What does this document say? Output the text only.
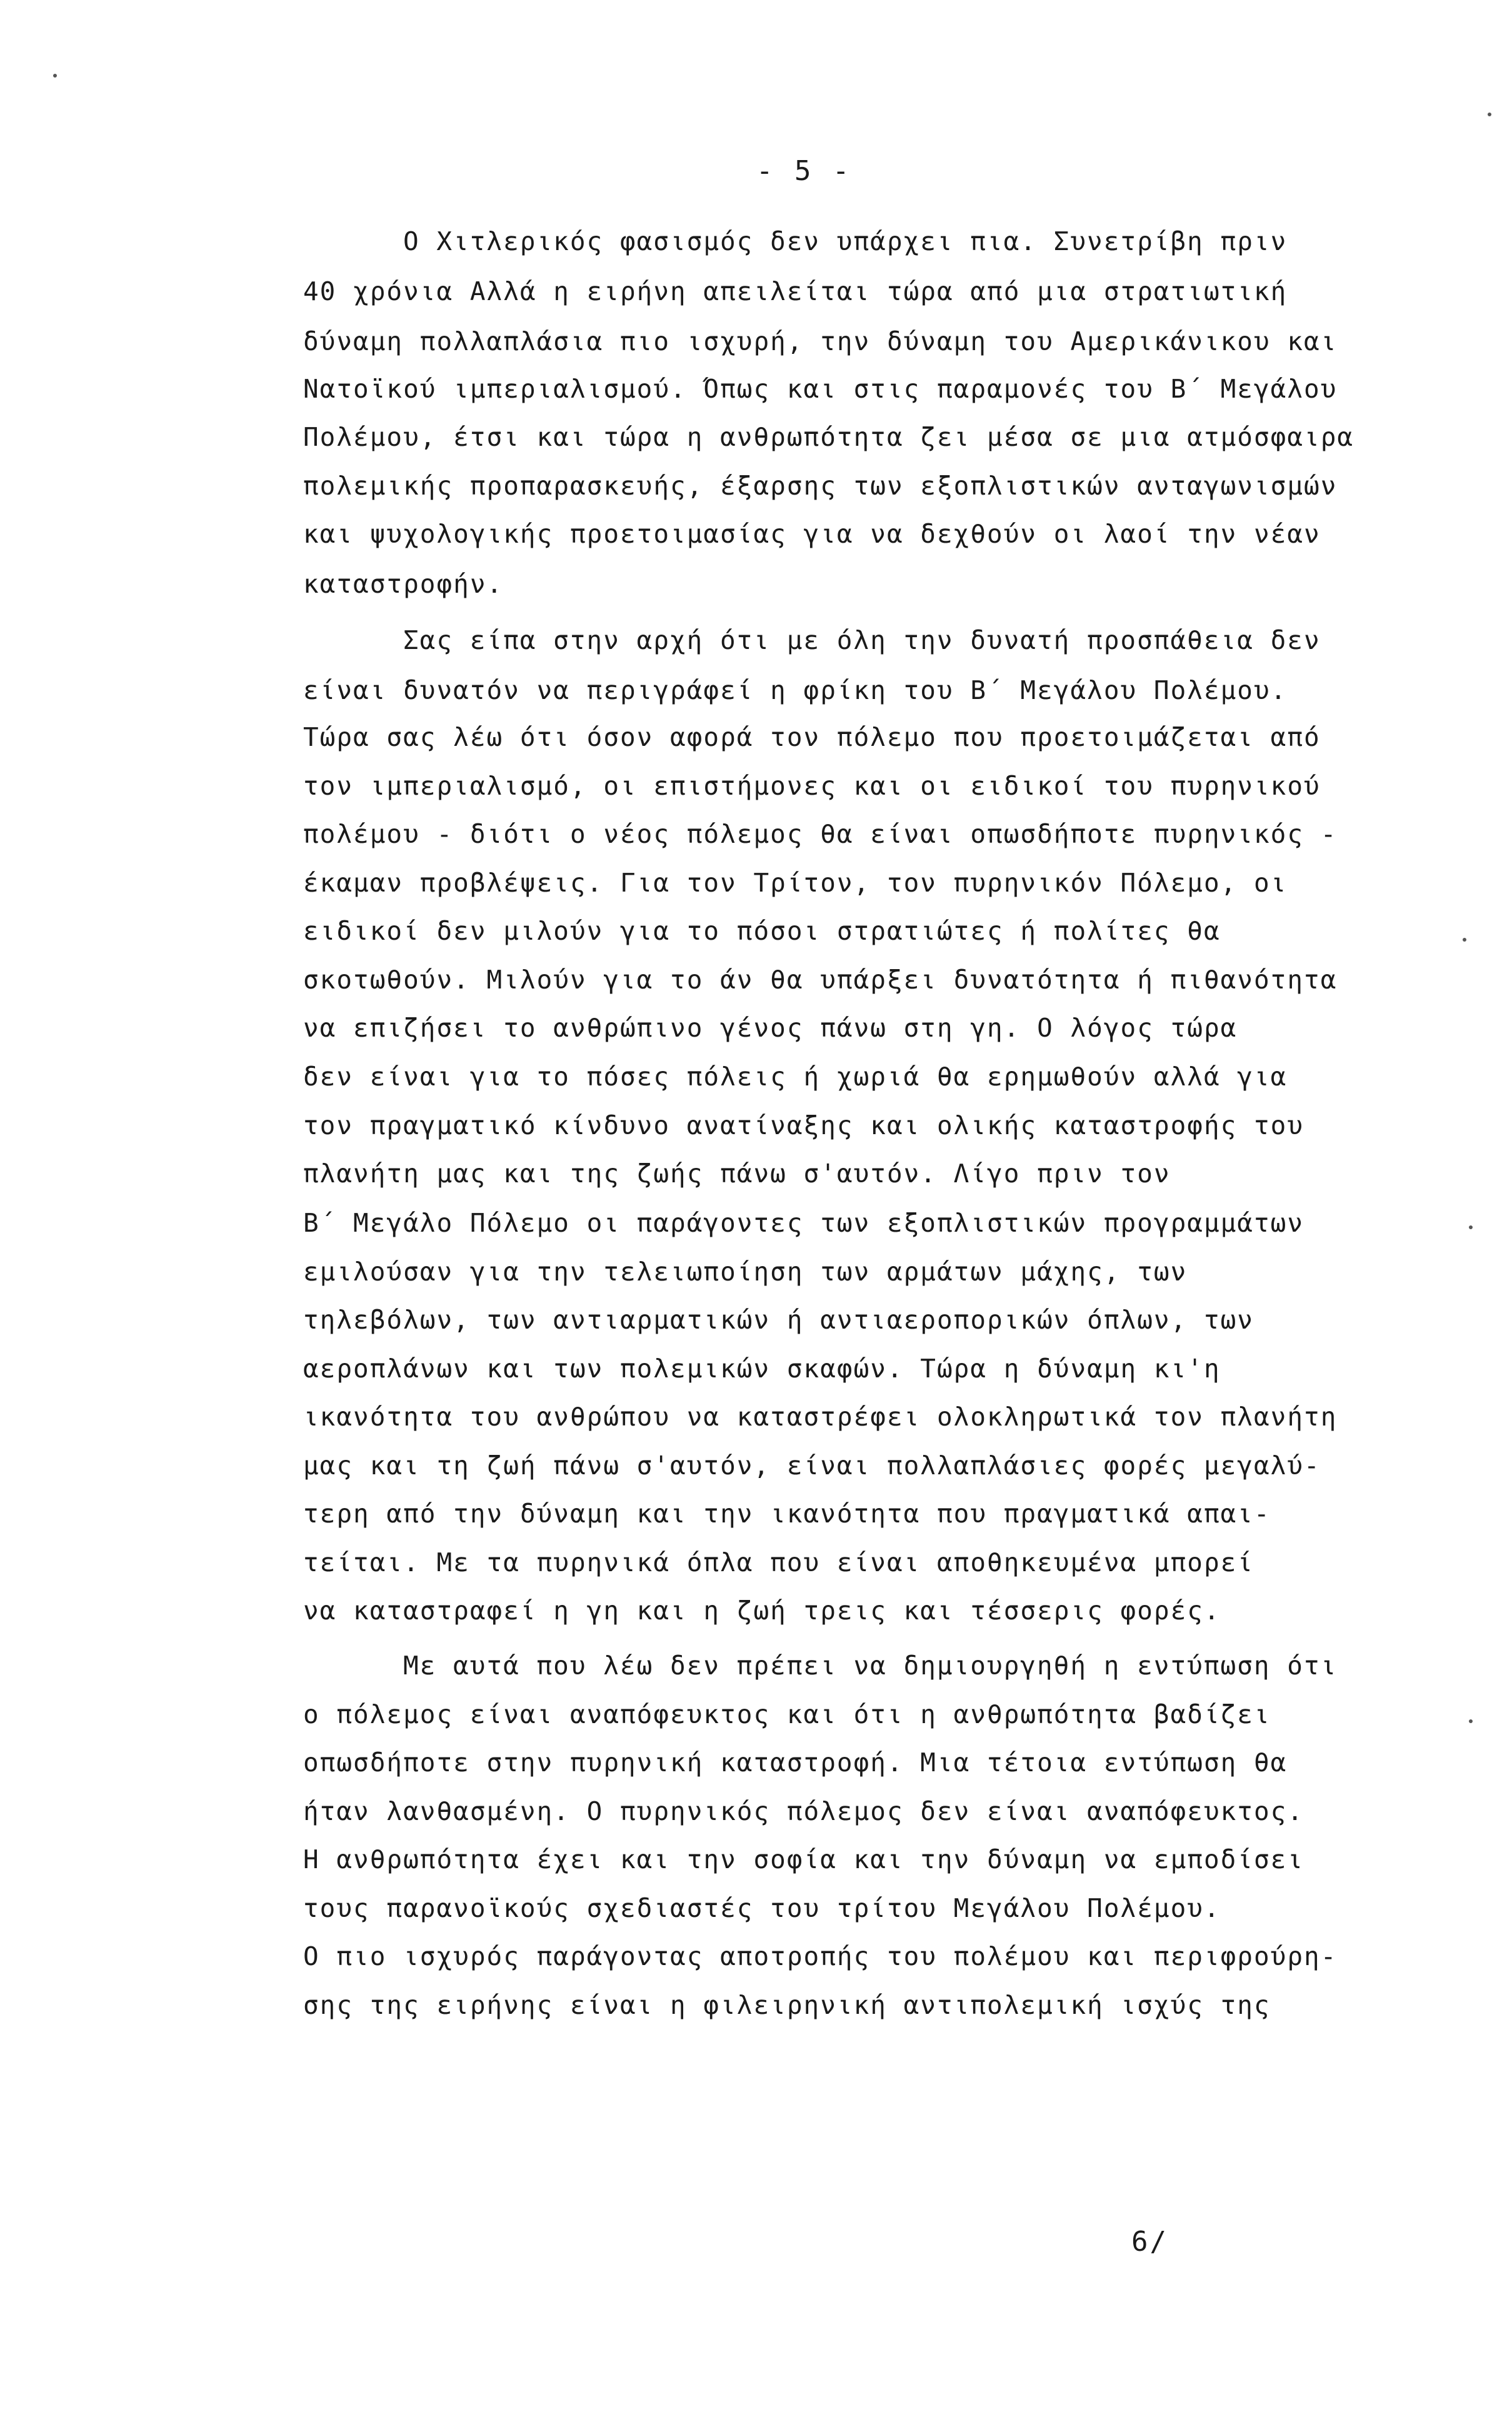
- 5 -
Ο Χιτλερικός φασισμός δεν υπάρχει πια. Συνετρίβη πριν
40 χρόνια Αλλά η ειρήνη απειλείται τώρα από μια στρατιωτική
δύναμη πολλαπλάσια πιο ισχυρή, την δύναμη του Αμερικάνικου και
Νατοϊκού ιμπεριαλισμού. Όπως και στις παραμονές του Β΄ Μεγάλου
Πολέμου, έτσι και τώρα η ανθρωπότητα ζει μέσα σε μια ατμόσφαιρα
πολεμικής προπαρασκευής, έξαρσης των εξοπλιστικών ανταγωνισμών
και ψυχολογικής προετοιμασίας για να δεχθούν οι λαοί την νέαν
καταστροφήν.
Σας είπα στην αρχή ότι με όλη την δυνατή προσπάθεια δεν
είναι δυνατόν να περιγράφεί η φρίκη του Β΄ Μεγάλου Πολέμου.
Τώρα σας λέω ότι όσον αφορά τον πόλεμο που προετοιμάζεται από
τον ιμπεριαλισμό, οι επιστήμονες και οι ειδικοί του πυρηνικού
πολέμου - διότι ο νέος πόλεμος θα είναι οπωσδήποτε πυρηνικός -
έκαμαν προβλέψεις. Για τον Τρίτον, τον πυρηνικόν Πόλεμο, οι
ειδικοί δεν μιλούν για το πόσοι στρατιώτες ή πολίτες θα
σκοτωθούν. Μιλούν για το άν θα υπάρξει δυνατότητα ή πιθανότητα
να επιζήσει το ανθρώπινο γένος πάνω στη γη. Ο λόγος τώρα
δεν είναι για το πόσες πόλεις ή χωριά θα ερημωθούν αλλά για
τον πραγματικό κίνδυνο ανατίναξης και ολικής καταστροφής του
πλανήτη μας και της ζωής πάνω σ'αυτόν. Λίγο πριν τον
Β΄ Μεγάλο Πόλεμο οι παράγοντες των εξοπλιστικών προγραμμάτων
εμιλούσαν για την τελειωποίηση των αρμάτων μάχης, των
τηλεβόλων, των αντιαρματικών ή αντιαεροπορικών όπλων, των
αεροπλάνων και των πολεμικών σκαφών. Τώρα η δύναμη κι'η
ικανότητα του ανθρώπου να καταστρέφει ολοκληρωτικά τον πλανήτη
μας και τη ζωή πάνω σ'αυτόν, είναι πολλαπλάσιες φορές μεγαλύ-
τερη από την δύναμη και την ικανότητα που πραγματικά απαι-
τείται. Με τα πυρηνικά όπλα που είναι αποθηκευμένα μπορεί
να καταστραφεί η γη και η ζωή τρεις και τέσσερις φορές.
Με αυτά που λέω δεν πρέπει να δημιουργηθή η εντύπωση ότι
ο πόλεμος είναι αναπόφευκτος και ότι η ανθρωπότητα βαδίζει
οπωσδήποτε στην πυρηνική καταστροφή. Μια τέτοια εντύπωση θα
ήταν λανθασμένη. Ο πυρηνικός πόλεμος δεν είναι αναπόφευκτος.
Η ανθρωπότητα έχει και την σοφία και την δύναμη να εμποδίσει
τους παρανοϊκούς σχεδιαστές του τρίτου Μεγάλου Πολέμου.
Ο πιο ισχυρός παράγοντας αποτροπής του πολέμου και περιφρούρη-
σης της ειρήνης είναι η φιλειρηνική αντιπολεμική ισχύς της
6/
